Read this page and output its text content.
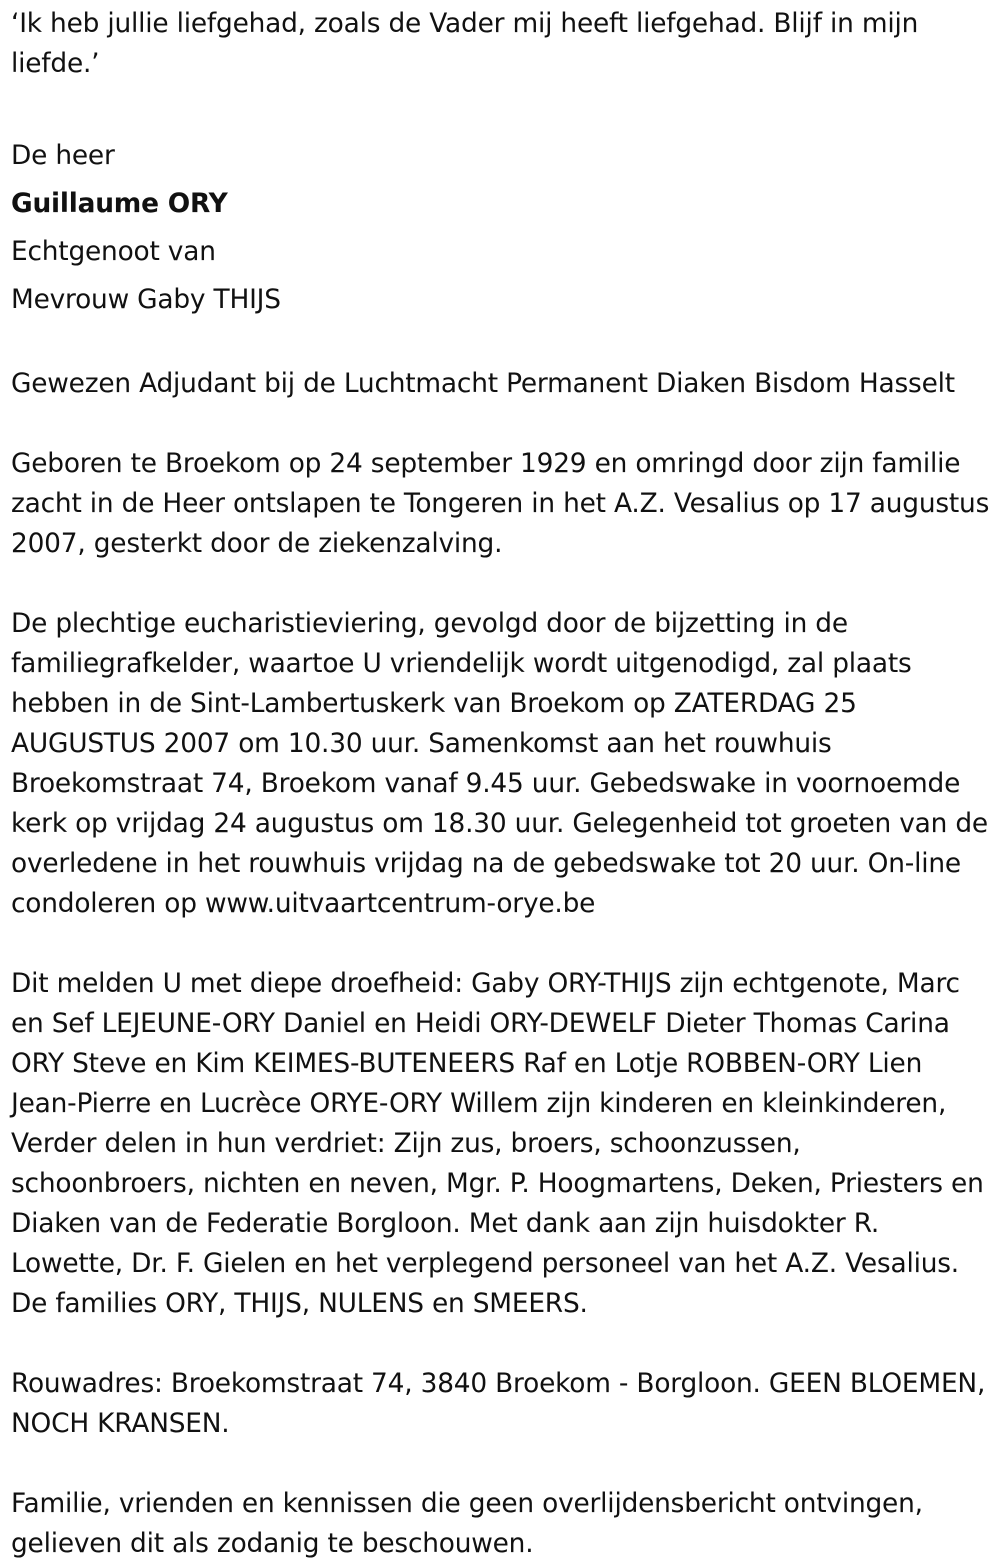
‘Ik heb jullie liefgehad, zoals de Vader mij heeft liefgehad. Blijf in mijn liefde.’

De heer

Guillaume ORY

Echtgenoot van

Mevrouw Gaby THIJS

Gewezen Adjudant bij de Luchtmacht Permanent Diaken Bisdom Hasselt

Geboren te Broekom op 24 september 1929 en omringd door zijn familie zacht in de Heer ontslapen te Tongeren in het A.Z. Vesalius op 17 augustus 2007, gesterkt door de ziekenzalving.

De plechtige eucharistieviering, gevolgd door de bijzetting in de familiegrafkelder, waartoe U vriendelijk wordt uitgenodigd, zal plaats hebben in de Sint-Lambertuskerk van Broekom op ZATERDAG 25 AUGUSTUS 2007 om 10.30 uur. Samenkomst aan het rouwhuis Broekomstraat 74, Broekom vanaf 9.45 uur. Gebedswake in voornoemde kerk op vrijdag 24 augustus om 18.30 uur. Gelegenheid tot groeten van de overledene in het rouwhuis vrijdag na de gebedswake tot 20 uur. On-line condoleren op www.uitvaartcentrum-orye.be

Dit melden U met diepe droefheid: Gaby ORY-THIJS zijn echtgenote, Marc en Sef LEJEUNE-ORY Daniel en Heidi ORY-DEWELF Dieter Thomas Carina ORY Steve en Kim KEIMES-BUTENEERS Raf en Lotje ROBBEN-ORY Lien Jean-Pierre en Lucrèce ORYE-ORY Willem zijn kinderen en kleinkinderen, Verder delen in hun verdriet: Zijn zus, broers, schoonzussen, schoonbroers, nichten en neven, Mgr. P. Hoogmartens, Deken, Priesters en Diaken van de Federatie Borgloon. Met dank aan zijn huisdokter R. Lowette, Dr. F. Gielen en het verplegend personeel van het A.Z. Vesalius. De families ORY, THIJS, NULENS en SMEERS.

Rouwadres: Broekomstraat 74, 3840 Broekom - Borgloon. GEEN BLOEMEN, NOCH KRANSEN.

Familie, vrienden en kennissen die geen overlijdensbericht ontvingen, gelieven dit als zodanig te beschouwen.
